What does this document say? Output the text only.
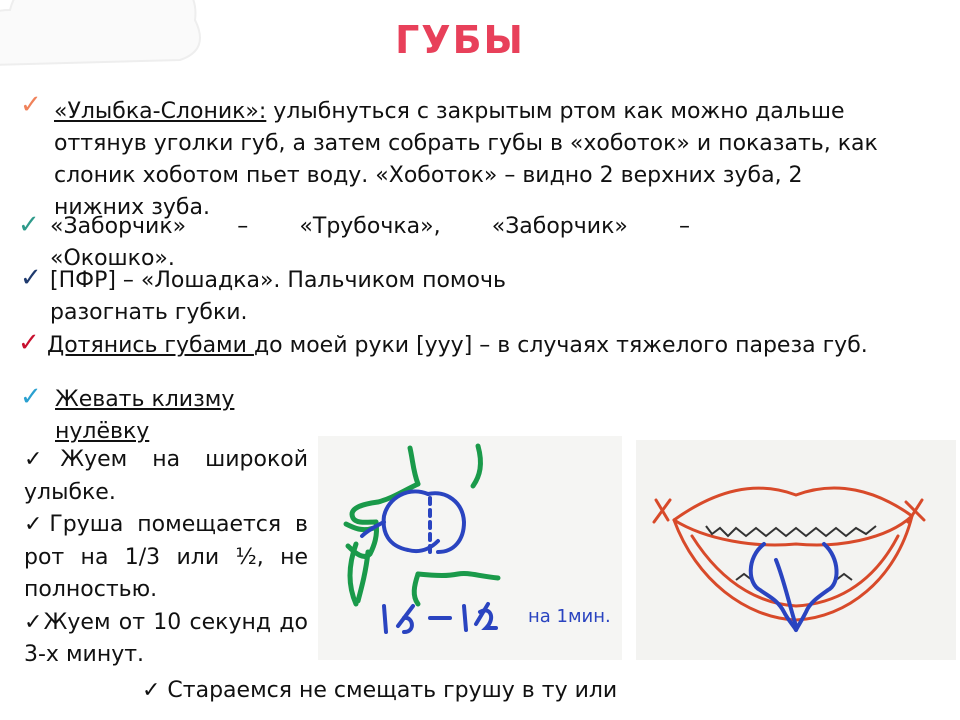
ГУБЫ
✓ «Улыбка-Слоник»: улыбнуться с закрытым ртом как можно дальше оттянув уголки губ, а затем собрать губы в «хоботок» и показать, как слоник хоботом пьет воду. «Хоботок» – видно 2 верхних зуба, 2 нижних зуба.
✓ «Заборчик» – «Трубочка», «Заборчик» –
«Окошко».
✓ [ПФР] – «Лошадка». Пальчиком помочь разогнать губки.
✓ Дотянись губами до моей руки [ууу] – в случаях тяжелого пареза губ.
✓ Жевать клизму нулёвку

✓Жуем на широкой улыбке.

✓Груша помещается в рот на 1/3 или ½, не полностью.

✓Жуем от 10 секунд до 3-х минут.

на 1мин.
✓ Стараемся не смещать грушу в ту или
